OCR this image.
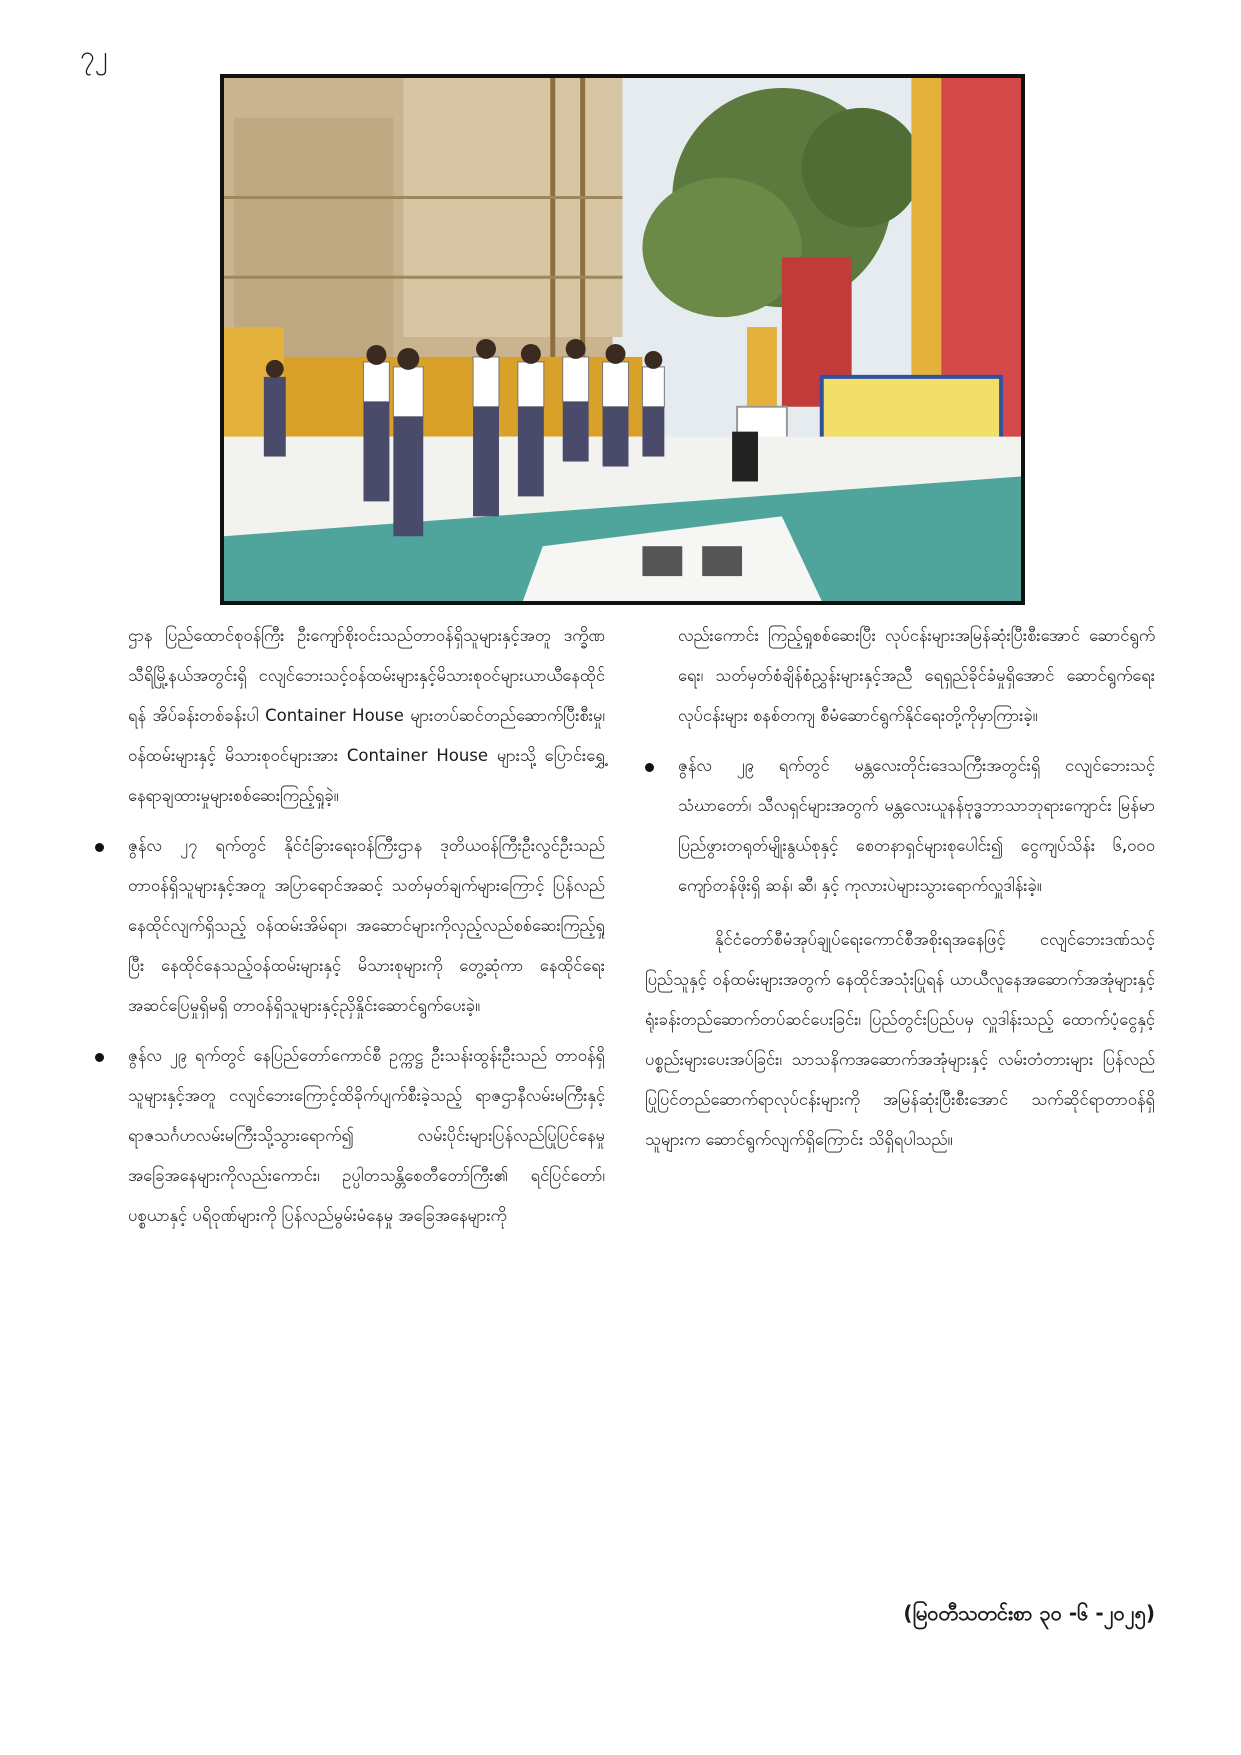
၇၂

ဌာန ပြည်ထောင်စုဝန်ကြီး ဦးကျော်စိုးဝင်းသည်တာဝန်ရှိသူများနှင့်အတူ ဒက္ခိဏသီရိမြို့နယ်အတွင်းရှိ ငလျင်ဘေးသင့်ဝန်ထမ်းများနှင့်မိသားစုဝင်များယာယီနေထိုင်ရန် အိပ်ခန်းတစ်ခန်းပါ Container House များတပ်ဆင်တည်ဆောက်ပြီးစီးမှု၊ ဝန်ထမ်းများနှင့် မိသားစုဝင်များအား Container House များသို့ ပြောင်းရွှေ့နေရာချထားမှုများစစ်ဆေးကြည့်ရှုခဲ့။

ဇွန်လ ၂၇ ရက်တွင် နိုင်ငံခြားရေးဝန်ကြီးဌာန ဒုတိယဝန်ကြီးဦးလွင်ဦးသည် တာဝန်ရှိသူများနှင့်အတူ အပြာရောင်အဆင့် သတ်မှတ်ချက်များကြောင့် ပြန်လည်နေထိုင်လျက်ရှိသည့် ဝန်ထမ်းအိမ်ရာ၊ အဆောင်များကိုလှည့်လည်စစ်ဆေးကြည့်ရှုပြီး နေထိုင်နေသည့်ဝန်ထမ်းများနှင့် မိသားစုများကို တွေ့ဆုံကာ နေထိုင်ရေးအဆင်ပြေမှုရှိမရှိ တာဝန်ရှိသူများနှင့်ညှိနှိုင်းဆောင်ရွက်ပေးခဲ့။

ဇွန်လ ၂၉ ရက်တွင် နေပြည်တော်ကောင်စီ ဥက္ကဋ္ဌ ဦးသန်းထွန်းဦးသည် တာဝန်ရှိသူများနှင့်အတူ ငလျင်ဘေးကြောင့်ထိခိုက်ပျက်စီးခဲ့သည့် ရာဇဌာနီလမ်းမကြီးနှင့် ရာဇသင်္ဂဟလမ်းမကြီးသို့သွားရောက်၍ လမ်းပိုင်းများပြန်လည်ပြုပြင်နေမှုအခြေအနေများကိုလည်းကောင်း၊ ဥပ္ပါတသန္တိစေတီတော်ကြီး၏ ရင်ပြင်တော်၊ ပစ္စယာနှင့် ပရိဝုဏ်များကို ပြန်လည်မွမ်းမံနေမှု အခြေအနေများကို

လည်းကောင်း ကြည့်ရှုစစ်ဆေးပြီး လုပ်ငန်းများအမြန်ဆုံးပြီးစီးအောင် ဆောင်ရွက်ရေး၊ သတ်မှတ်စံချိန်စံညွှန်းများနှင့်အညီ ရေရှည်ခိုင်ခံမှုရှိအောင် ဆောင်ရွက်ရေးလုပ်ငန်းများ စနစ်တကျ စီမံဆောင်ရွက်နိုင်ရေးတို့ကိုမှာကြားခဲ့။

ဇွန်လ ၂၉ ရက်တွင် မန္တလေးတိုင်းဒေသကြီးအတွင်းရှိ ငလျင်ဘေးသင့် သံဃာတော်၊ သီလရှင်များအတွက် မန္တလေးယူနန်ဗုဒ္ဓဘာသာဘုရားကျောင်း မြန်မာပြည်ဖွားတရုတ်မျိုးနွယ်စုနှင့် စေတနာရှင်များစုပေါင်း၍ ငွေကျပ်သိန်း ၆,၀၀၀ ကျော်တန်ဖိုးရှိ ဆန်၊ ဆီ၊ နှင့် ကုလားပဲများသွားရောက်လှူဒါန်းခဲ့။

နိုင်ငံတော်စီမံအုပ်ချုပ်ရေးကောင်စီအစိုးရအနေဖြင့် ငလျင်ဘေးဒဏ်သင့် ပြည်သူနှင့် ဝန်ထမ်းများအတွက် နေထိုင်အသုံးပြုရန် ယာယီလူနေအဆောက်အအုံများနှင့် ရုံးခန်းတည်ဆောက်တပ်ဆင်ပေးခြင်း၊ ပြည်တွင်းပြည်ပမှ လှူဒါန်းသည့် ထောက်ပံ့ငွေနှင့် ပစ္စည်းများပေးအပ်ခြင်း၊ သာသနိကအဆောက်အအုံများနှင့် လမ်းတံတားများ ပြန်လည်ပြုပြင်တည်ဆောက်ရာလုပ်ငန်းများကို အမြန်ဆုံးပြီးစီးအောင် သက်ဆိုင်ရာတာဝန်ရှိသူများက ဆောင်ရွက်လျက်ရှိကြောင်း သိရှိရပါသည်။

(မြဝတီသတင်းစာ ၃၀ -၆ -၂၀၂၅)
